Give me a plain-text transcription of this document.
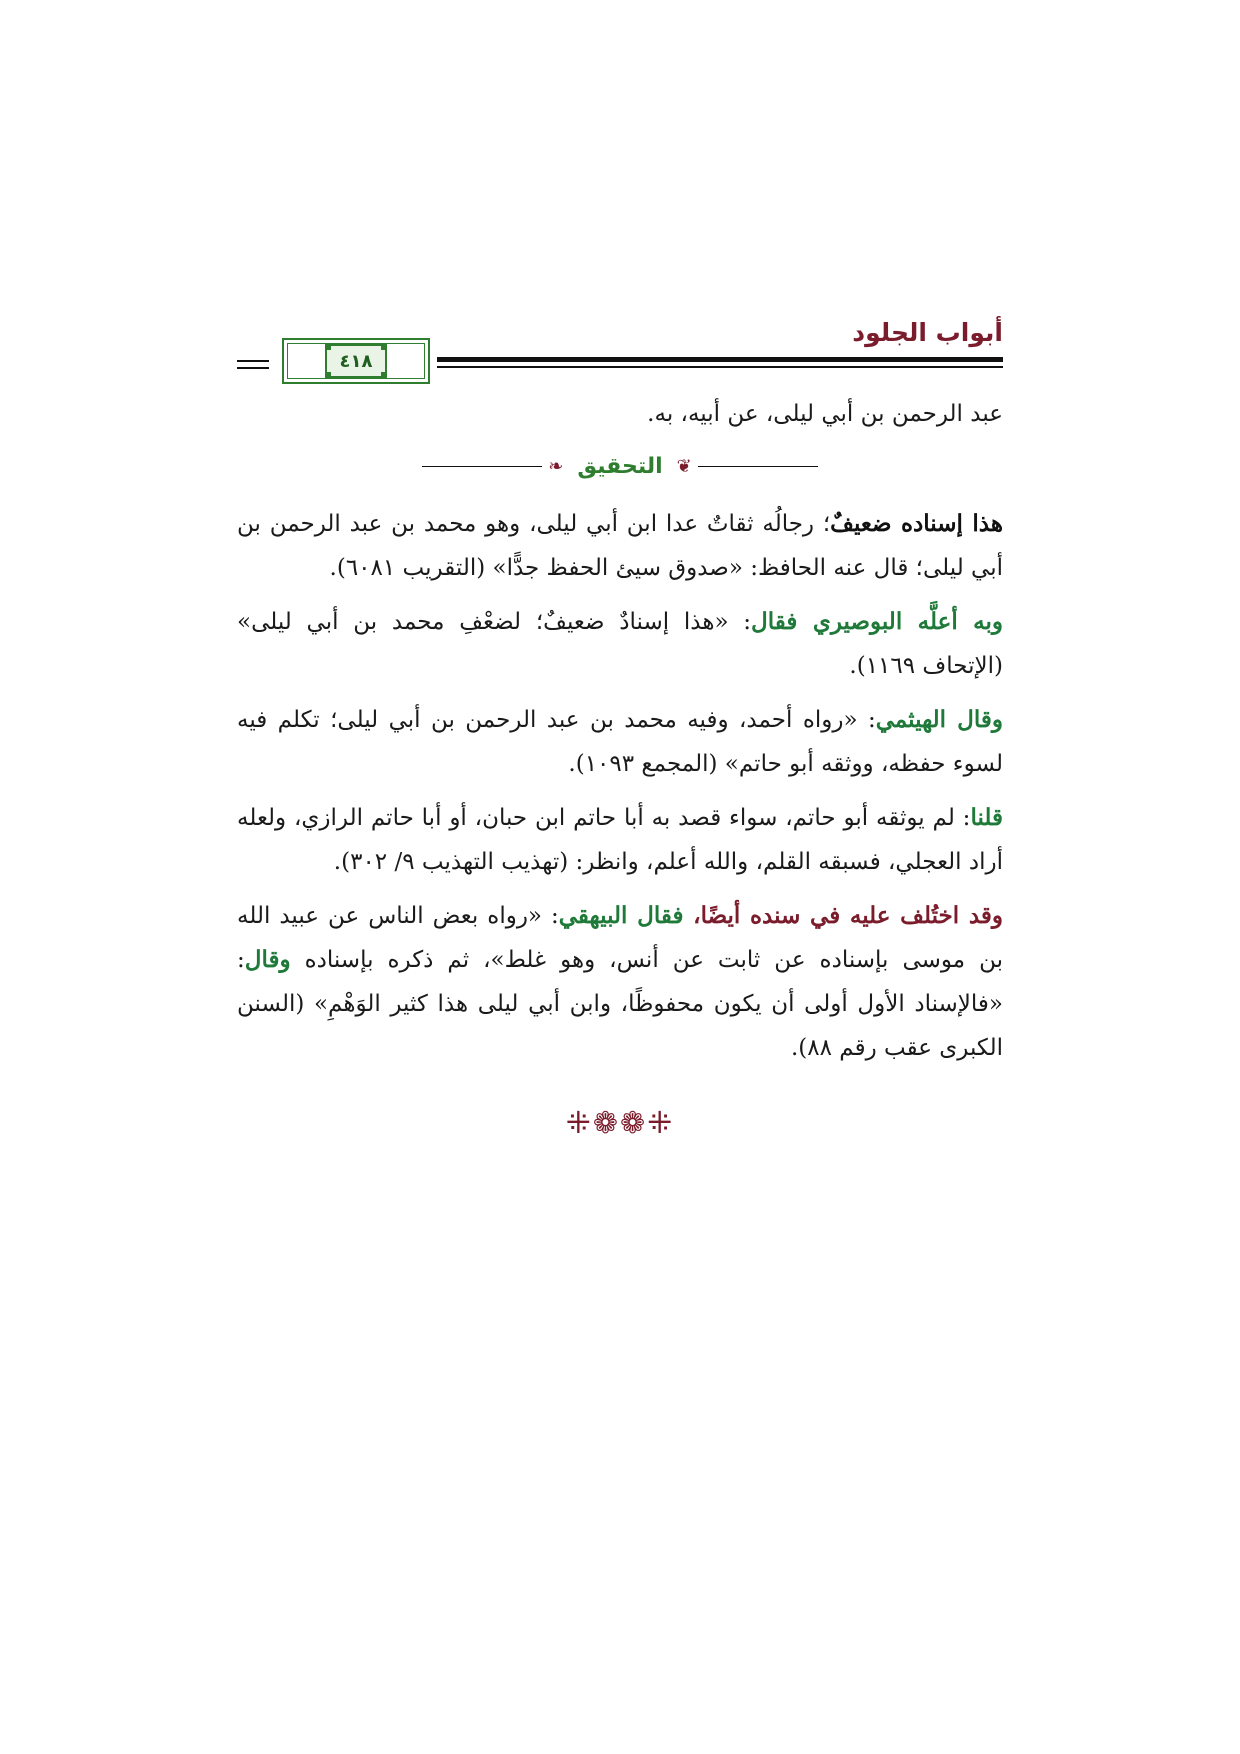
أبواب الجلود
٤١٨

عبد الرحمن بن أبي ليلى، عن أبيه، به.

❦
التحقيق
❧

هذا إسناده ضعيفٌ؛ رجالُه ثقاتٌ عدا ابن أبي ليلى، وهو محمد بن عبد الرحمن بن أبي ليلى؛ قال عنه الحافظ: «صدوق سيئ الحفظ جدًّا» (التقريب ٦٠٨١).

وبه أعلَّه البوصيري فقال: «هذا إسنادٌ ضعيفٌ؛ لضعْفِ محمد بن أبي ليلى» (الإتحاف ١١٦٩).

وقال الهيثمي: «رواه أحمد، وفيه محمد بن عبد الرحمن بن أبي ليلى؛ تكلم فيه لسوء حفظه، ووثقه أبو حاتم» (المجمع ١٠٩٣).

قلنا: لم يوثقه أبو حاتم، سواء قصد به أبا حاتم ابن حبان، أو أبا حاتم الرازي، ولعله أراد العجلي، فسبقه القلم، والله أعلم، وانظر: (تهذيب التهذيب ٩/ ٣٠٢).

وقد اختُلف عليه في سنده أيضًا، فقال البيهقي: «رواه بعض الناس عن عبيد الله بن موسى بإسناده عن ثابت عن أنس، وهو غلط»، ثم ذكره بإسناده وقال: «فالإسناد الأول أولى أن يكون محفوظًا، وابن أبي ليلى هذا كثير الوَهْمِ» (السنن الكبرى عقب رقم ٨٨).

⁜❁❁⁜
